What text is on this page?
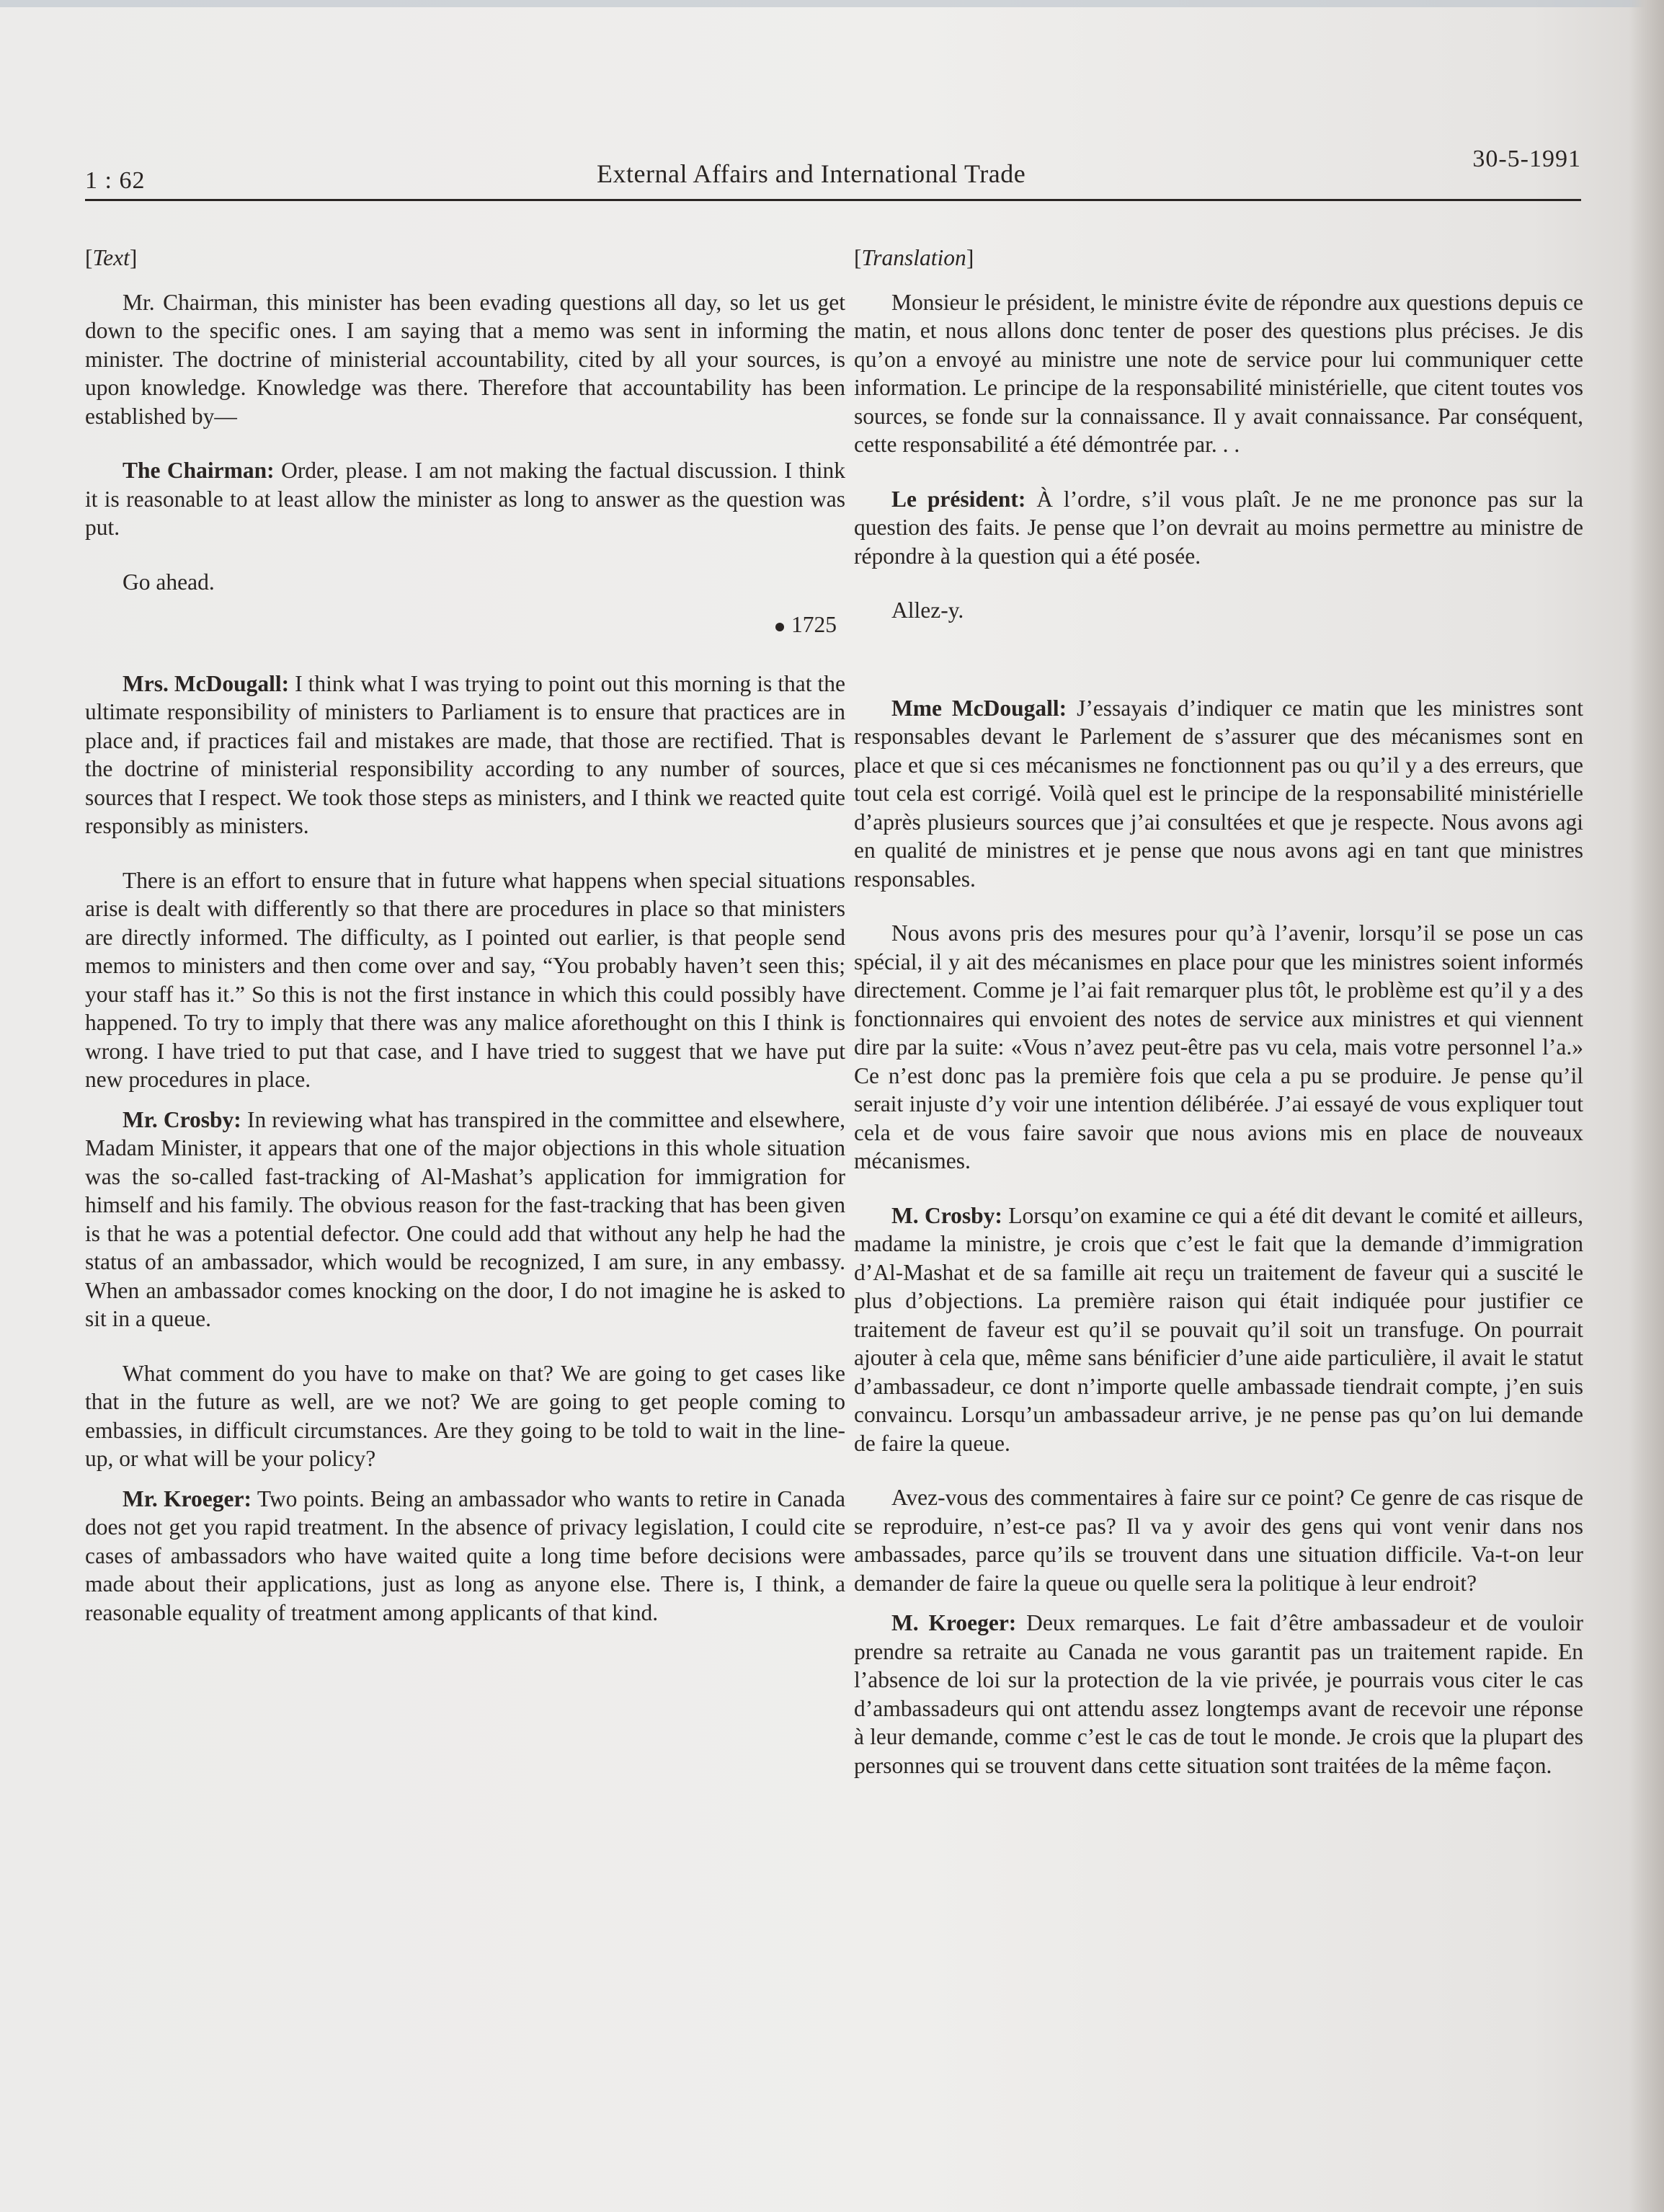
1 : 62	External Affairs and International Trade
30-5-1991
[Text]

Mr. Chairman, this minister has been evading questions all day, so let us get down to the specific ones. I am saying that a memo was sent in informing the minister. The doctrine of ministerial accountability, cited by all your sources, is upon knowledge. Knowledge was there. Therefore that accountability has been established by—

The Chairman: Order, please. I am not making the factual discussion. I think it is reasonable to at least allow the minister as long to answer as the question was put.

Go ahead.

1725

Mrs. McDougall: I think what I was trying to point out this morning is that the ultimate responsibility of ministers to Parliament is to ensure that practices are in place and, if practices fail and mistakes are made, that those are rectified. That is the doctrine of ministerial responsibility according to any number of sources, sources that I respect. We took those steps as ministers, and I think we reacted quite responsibly as ministers.

There is an effort to ensure that in future what happens when special situations arise is dealt with differently so that there are procedures in place so that ministers are directly informed. The difficulty, as I pointed out earlier, is that people send memos to ministers and then come over and say, “You probably haven’t seen this; your staff has it.” So this is not the first instance in which this could possibly have happened. To try to imply that there was any malice aforethought on this I think is wrong. I have tried to put that case, and I have tried to suggest that we have put new procedures in place.

Mr. Crosby: In reviewing what has transpired in the committee and elsewhere, Madam Minister, it appears that one of the major objections in this whole situation was the so-called fast-tracking of Al-Mashat’s application for immigration for himself and his family. The obvious reason for the fast-tracking that has been given is that he was a potential defector. One could add that without any help he had the status of an ambassador, which would be recognized, I am sure, in any embassy. When an ambassador comes knocking on the door, I do not imagine he is asked to sit in a queue.

What comment do you have to make on that? We are going to get cases like that in the future as well, are we not? We are going to get people coming to embassies, in difficult circumstances. Are they going to be told to wait in the line-up, or what will be your policy?

Mr. Kroeger: Two points. Being an ambassador who wants to retire in Canada does not get you rapid treatment. In the absence of privacy legislation, I could cite cases of ambassadors who have waited quite a long time before decisions were made about their applications, just as long as anyone else. There is, I think, a reasonable equality of treatment among applicants of that kind.

[Translation]

Monsieur le président, le ministre évite de répondre aux questions depuis ce matin, et nous allons donc tenter de poser des questions plus précises. Je dis qu’on a envoyé au ministre une note de service pour lui communiquer cette information. Le principe de la responsabilité ministérielle, que citent toutes vos sources, se fonde sur la connaissance. Il y avait connaissance. Par conséquent, cette responsabilité a été démontrée par. . .

Le président: À l’ordre, s’il vous plaît. Je ne me prononce pas sur la question des faits. Je pense que l’on devrait au moins permettre au ministre de répondre à la question qui a été posée.

Allez-y.

Mme McDougall: J’essayais d’indiquer ce matin que les ministres sont responsables devant le Parlement de s’assurer que des mécanismes sont en place et que si ces mécanismes ne fonctionnent pas ou qu’il y a des erreurs, que tout cela est corrigé. Voilà quel est le principe de la responsabilité ministérielle d’après plusieurs sources que j’ai consultées et que je respecte. Nous avons agi en qualité de ministres et je pense que nous avons agi en tant que ministres responsables.

Nous avons pris des mesures pour qu’à l’avenir, lorsqu’il se pose un cas spécial, il y ait des mécanismes en place pour que les ministres soient informés directement. Comme je l’ai fait remarquer plus tôt, le problème est qu’il y a des fonctionnaires qui envoient des notes de service aux ministres et qui viennent dire par la suite: «Vous n’avez peut-être pas vu cela, mais votre personnel l’a.» Ce n’est donc pas la première fois que cela a pu se produire. Je pense qu’il serait injuste d’y voir une intention délibérée. J’ai essayé de vous expliquer tout cela et de vous faire savoir que nous avions mis en place de nouveaux mécanismes.

M. Crosby: Lorsqu’on examine ce qui a été dit devant le comité et ailleurs, madame la ministre, je crois que c’est le fait que la demande d’immigration d’Al-Mashat et de sa famille ait reçu un traitement de faveur qui a suscité le plus d’objections. La première raison qui était indiquée pour justifier ce traitement de faveur est qu’il se pouvait qu’il soit un transfuge. On pourrait ajouter à cela que, même sans bénificier d’une aide particulière, il avait le statut d’ambassadeur, ce dont n’importe quelle ambassade tiendrait compte, j’en suis convaincu. Lorsqu’un ambassadeur arrive, je ne pense pas qu’on lui demande de faire la queue.

Avez-vous des commentaires à faire sur ce point? Ce genre de cas risque de se reproduire, n’est-ce pas? Il va y avoir des gens qui vont venir dans nos ambassades, parce qu’ils se trouvent dans une situation difficile. Va-t-on leur demander de faire la queue ou quelle sera la politique à leur endroit?

M. Kroeger: Deux remarques. Le fait d’être ambassadeur et de vouloir prendre sa retraite au Canada ne vous garantit pas un traitement rapide. En l’absence de loi sur la protection de la vie privée, je pourrais vous citer le cas d’ambassadeurs qui ont attendu assez longtemps avant de recevoir une réponse à leur demande, comme c’est le cas de tout le monde. Je crois que la plupart des personnes qui se trouvent dans cette situation sont traitées de la même façon.
